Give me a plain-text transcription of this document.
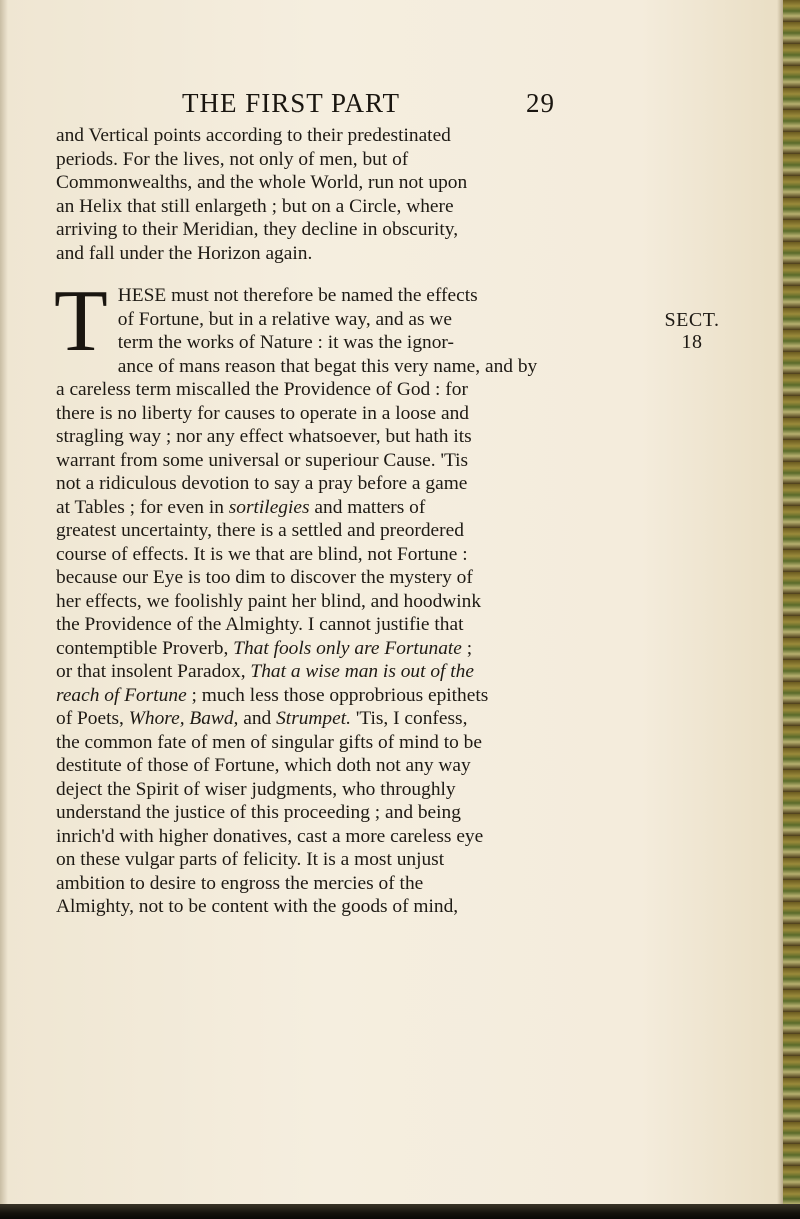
THE FIRST PART	29
SECT.
18
and Vertical points according to their predestinated
periods. For the lives, not only of men, but of
Commonwealths, and the whole World, run not upon
an Helix that still enlargeth ; but on a Circle, where
arriving to their Meridian, they decline in obscurity,
and fall under the Horizon again.
T HESE must not therefore be named the effects
of Fortune, but in a relative way, and as we
term the works of Nature : it was the ignor-
ance of mans reason that begat this very name, and by
a careless term miscalled the Providence of God : for
there is no liberty for causes to operate in a loose and
stragling way ; nor any effect whatsoever, but hath its
warrant from some universal or superiour Cause. 'Tis
not a ridiculous devotion to say a pray before a game
at Tables ; for even in sortilegies and matters of
greatest uncertainty, there is a settled and preordered
course of effects. It is we that are blind, not Fortune :
because our Eye is too dim to discover the mystery of
her effects, we foolishly paint her blind, and hoodwink
the Providence of the Almighty. I cannot justifie that
contemptible Proverb, That fools only are Fortunate ;
or that insolent Paradox, That a wise man is out of the
reach of Fortune ; much less those opprobrious epithets
of Poets, Whore, Bawd, and Strumpet. 'Tis, I confess,
the common fate of men of singular gifts of mind to be
destitute of those of Fortune, which doth not any way
deject the Spirit of wiser judgments, who throughly
understand the justice of this proceeding ; and being
inrich'd with higher donatives, cast a more careless eye
on these vulgar parts of felicity. It is a most unjust
ambition to desire to engross the mercies of the
Almighty, not to be content with the goods of mind,
